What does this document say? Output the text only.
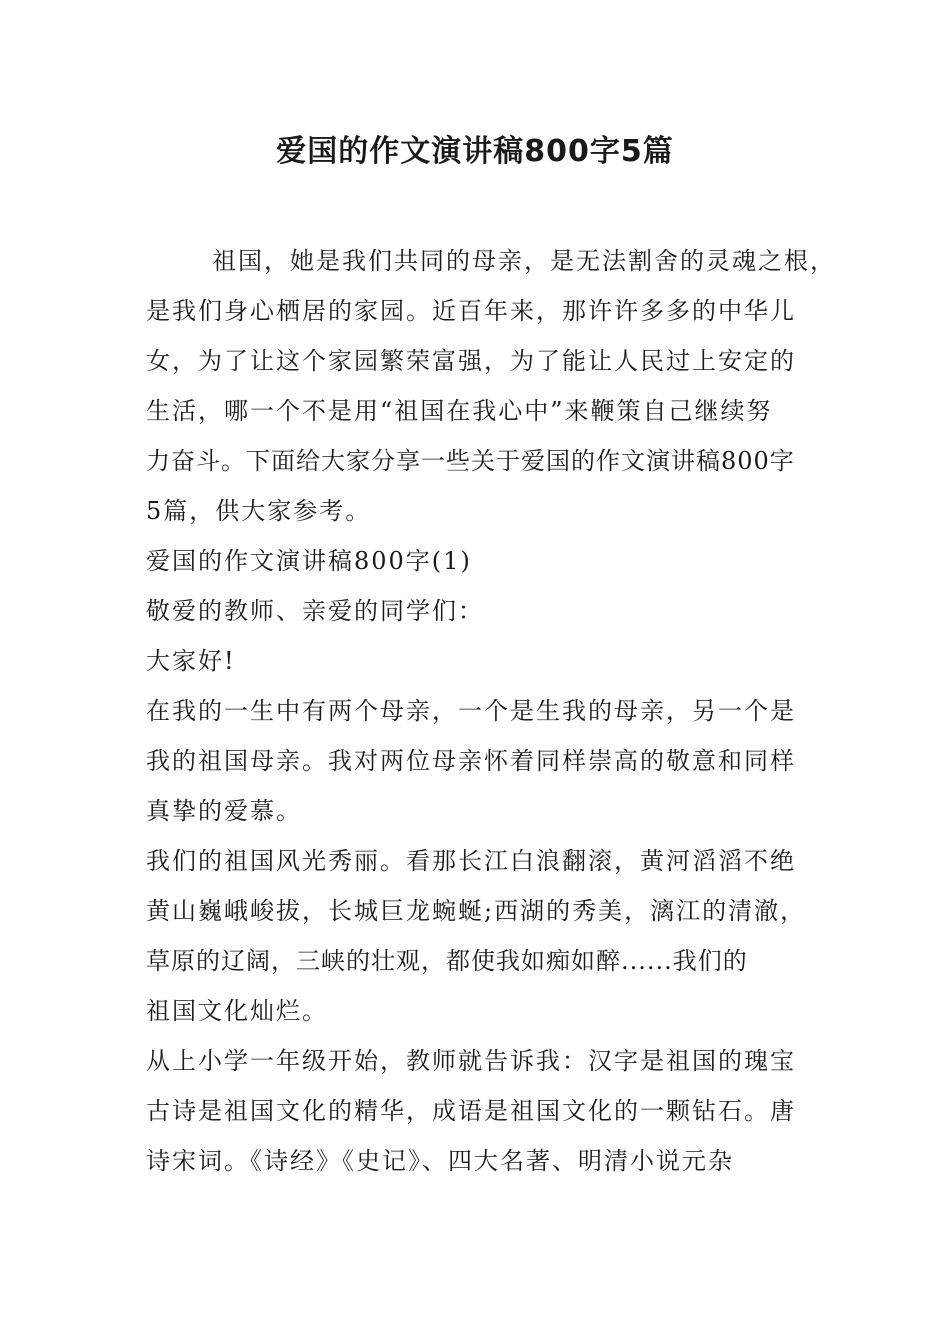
爱国的作文演讲稿800字5篇
祖国，她是我们共同的母亲，是无法割舍的灵魂之根，
是我们身心栖居的家园。近百年来，那许许多多的中华儿
女，为了让这个家园繁荣富强，为了能让人民过上安定的
生活，哪一个不是用“祖国在我心中”来鞭策自己继续努
力奋斗。下面给大家分享一些关于爱国的作文演讲稿800字
5篇，供大家参考。
爱国的作文演讲稿800字(1)
敬爱的教师、亲爱的同学们：
大家好!
在我的一生中有两个母亲，一个是生我的母亲，另一个是
我的祖国母亲。我对两位母亲怀着同样崇高的敬意和同样
真挚的爱慕。
我们的祖国风光秀丽。看那长江白浪翻滚，黄河滔滔不绝
黄山巍峨峻拔，长城巨龙蜿蜒;西湖的秀美，漓江的清澈，
草原的辽阔，三峡的壮观，都使我如痴如醉......我们的
祖国文化灿烂。
从上小学一年级开始，教师就告诉我：汉字是祖国的瑰宝
古诗是祖国文化的精华，成语是祖国文化的一颗钻石。唐
诗宋词。《诗经》《史记》、四大名著、明清小说元杂
